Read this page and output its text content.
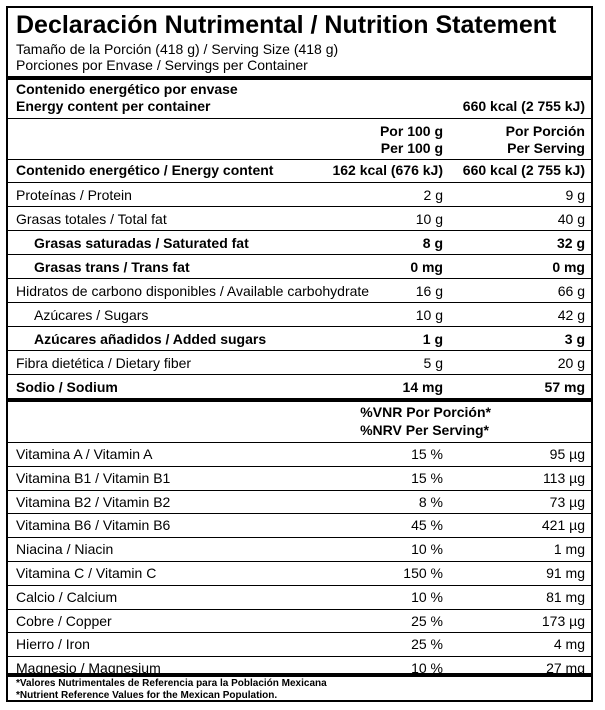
Declaración Nutrimental / Nutrition Statement
Tamaño de la Porción (418 g) / Serving Size (418 g)
Porciones por Envase / Servings per Container
Contenido energético por envase
Energy content per container	660 kcal (2 755 kJ)
Por 100 g
Per 100 g
Por Porción
Per Serving
Contenido energético / Energy content	162 kcal (676 kJ) 660 kcal (2 755 kJ)
Proteínas / Protein	2 g	9 g
Grasas totales / Total fat	10 g	40 g
Grasas saturadas / Saturated fat	8 g	32 g
Grasas trans / Trans fat	0 mg	0 mg
Hidratos de carbono disponibles / Available carbohydrate	16 g	66 g
Azúcares / Sugars	10 g	42 g
Azúcares añadidos / Added sugars	1 g	3 g
Fibra dietética / Dietary fiber	5 g	20 g
Sodio / Sodium	14 mg	57 mg
%VNR Por Porción*
%NRV Per Serving*
Vitamina A / Vitamin A	15 %	95 µg
Vitamina B1 / Vitamin B1	15 %	113 µg
Vitamina B2 / Vitamin B2	8 %	73 µg
Vitamina B6 / Vitamin B6	45 %	421 µg
Niacina / Niacin	10 %	1 mg
Vitamina C / Vitamin C	150 %	91 mg
Calcio / Calcium	10 %	81 mg
Cobre / Copper	25 %	173 µg
Hierro / Iron	25 %	4 mg
Magnesio / Magnesium	10 %	27 mg
*Valores Nutrimentales de Referencia para la Población Mexicana
*Nutrient Reference Values for the Mexican Population.
